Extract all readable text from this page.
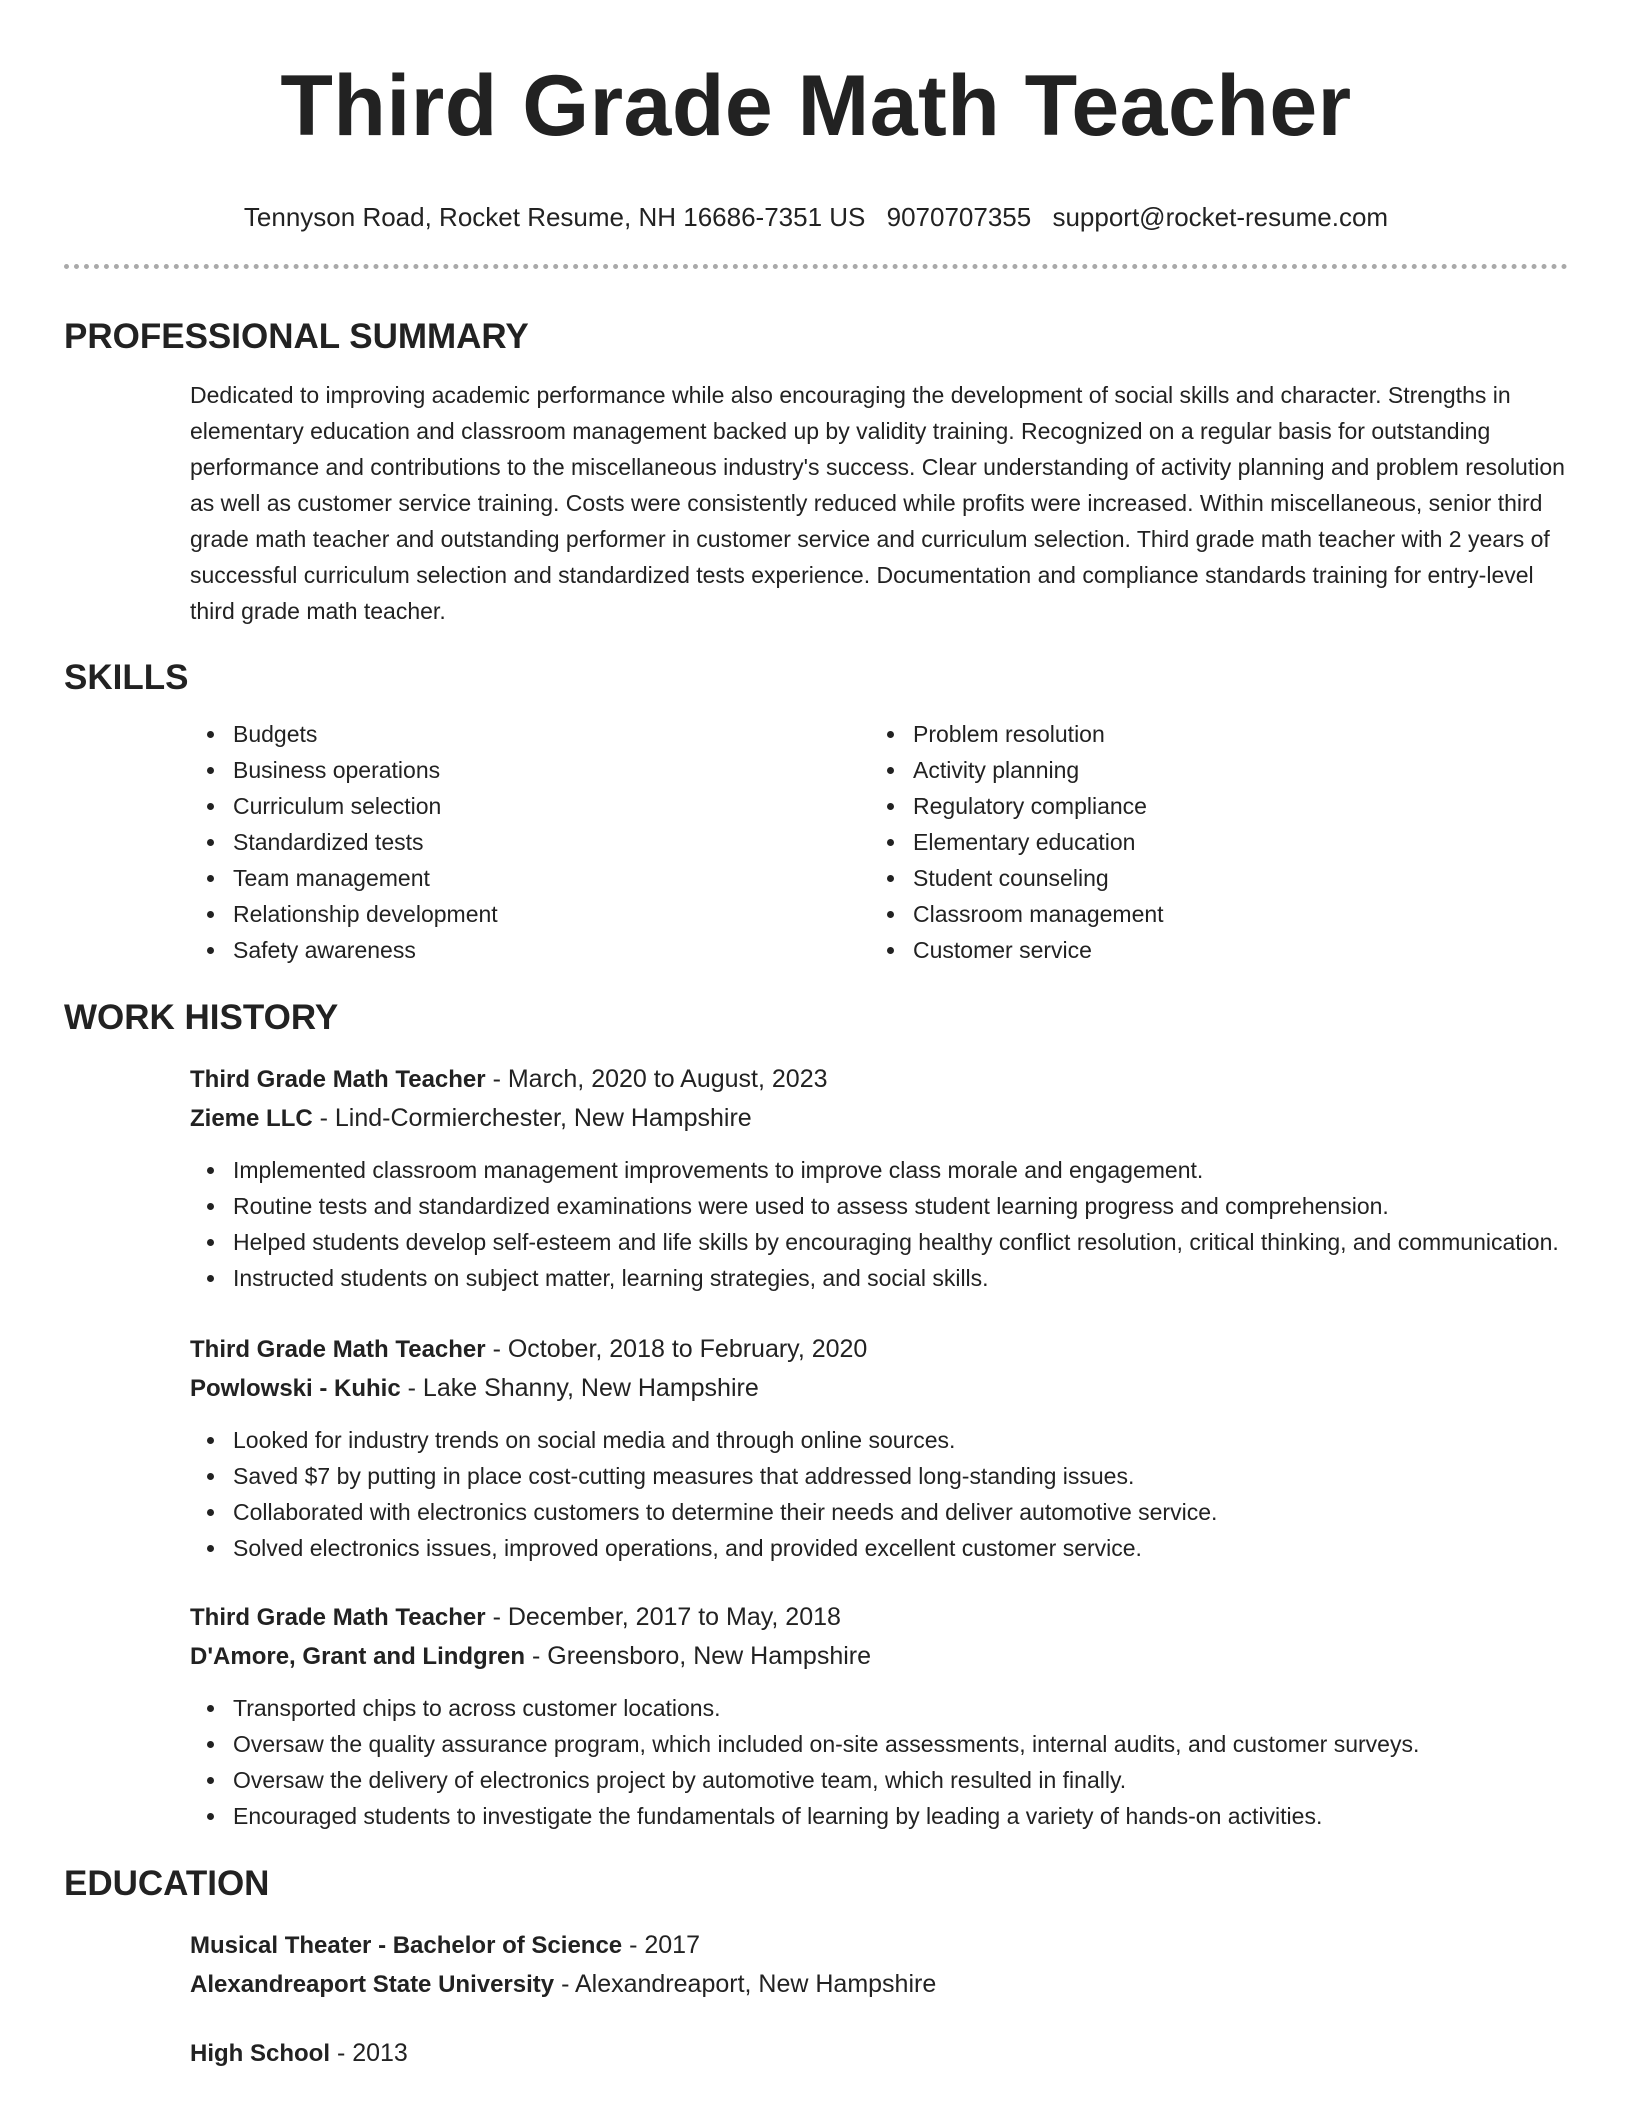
Third Grade Math Teacher
Tennyson Road, Rocket Resume, NH 16686-7351 US 9070707355 support@rocket-resume.com
PROFESSIONAL SUMMARY

Dedicated to improving academic performance while also encouraging the development of social skills and character. Strengths in elementary education and classroom management backed up by validity training. Recognized on a regular basis for outstanding performance and contributions to the miscellaneous industry's success. Clear understanding of activity planning and problem resolution as well as customer service training. Costs were consistently reduced while profits were increased. Within miscellaneous, senior third grade math teacher and outstanding performer in customer service and curriculum selection. Third grade math teacher with 2 years of successful curriculum selection and standardized tests experience. Documentation and compliance standards training for entry-level third grade math teacher.

SKILLS
Budgets
Business operations
Curriculum selection
Standardized tests
Team management
Relationship development
Safety awareness
Problem resolution
Activity planning
Regulatory compliance
Elementary education
Student counseling
Classroom management
Customer service
WORK HISTORY
Third Grade Math Teacher - March, 2020 to August, 2023
Zieme LLC - Lind-Cormierchester, New Hampshire
Implemented classroom management improvements to improve class morale and engagement.
Routine tests and standardized examinations were used to assess student learning progress and comprehension.
Helped students develop self-esteem and life skills by encouraging healthy conflict resolution, critical thinking, and communication.
Instructed students on subject matter, learning strategies, and social skills.
Third Grade Math Teacher - October, 2018 to February, 2020
Powlowski - Kuhic - Lake Shanny, New Hampshire
Looked for industry trends on social media and through online sources.
Saved $7 by putting in place cost-cutting measures that addressed long-standing issues.
Collaborated with electronics customers to determine their needs and deliver automotive service.
Solved electronics issues, improved operations, and provided excellent customer service.
Third Grade Math Teacher - December, 2017 to May, 2018
D'Amore, Grant and Lindgren - Greensboro, New Hampshire
Transported chips to across customer locations.
Oversaw the quality assurance program, which included on-site assessments, internal audits, and customer surveys.
Oversaw the delivery of electronics project by automotive team, which resulted in finally.
Encouraged students to investigate the fundamentals of learning by leading a variety of hands-on activities.
EDUCATION
Musical Theater - Bachelor of Science - 2017
Alexandreaport State University - Alexandreaport, New Hampshire
High School - 2013
